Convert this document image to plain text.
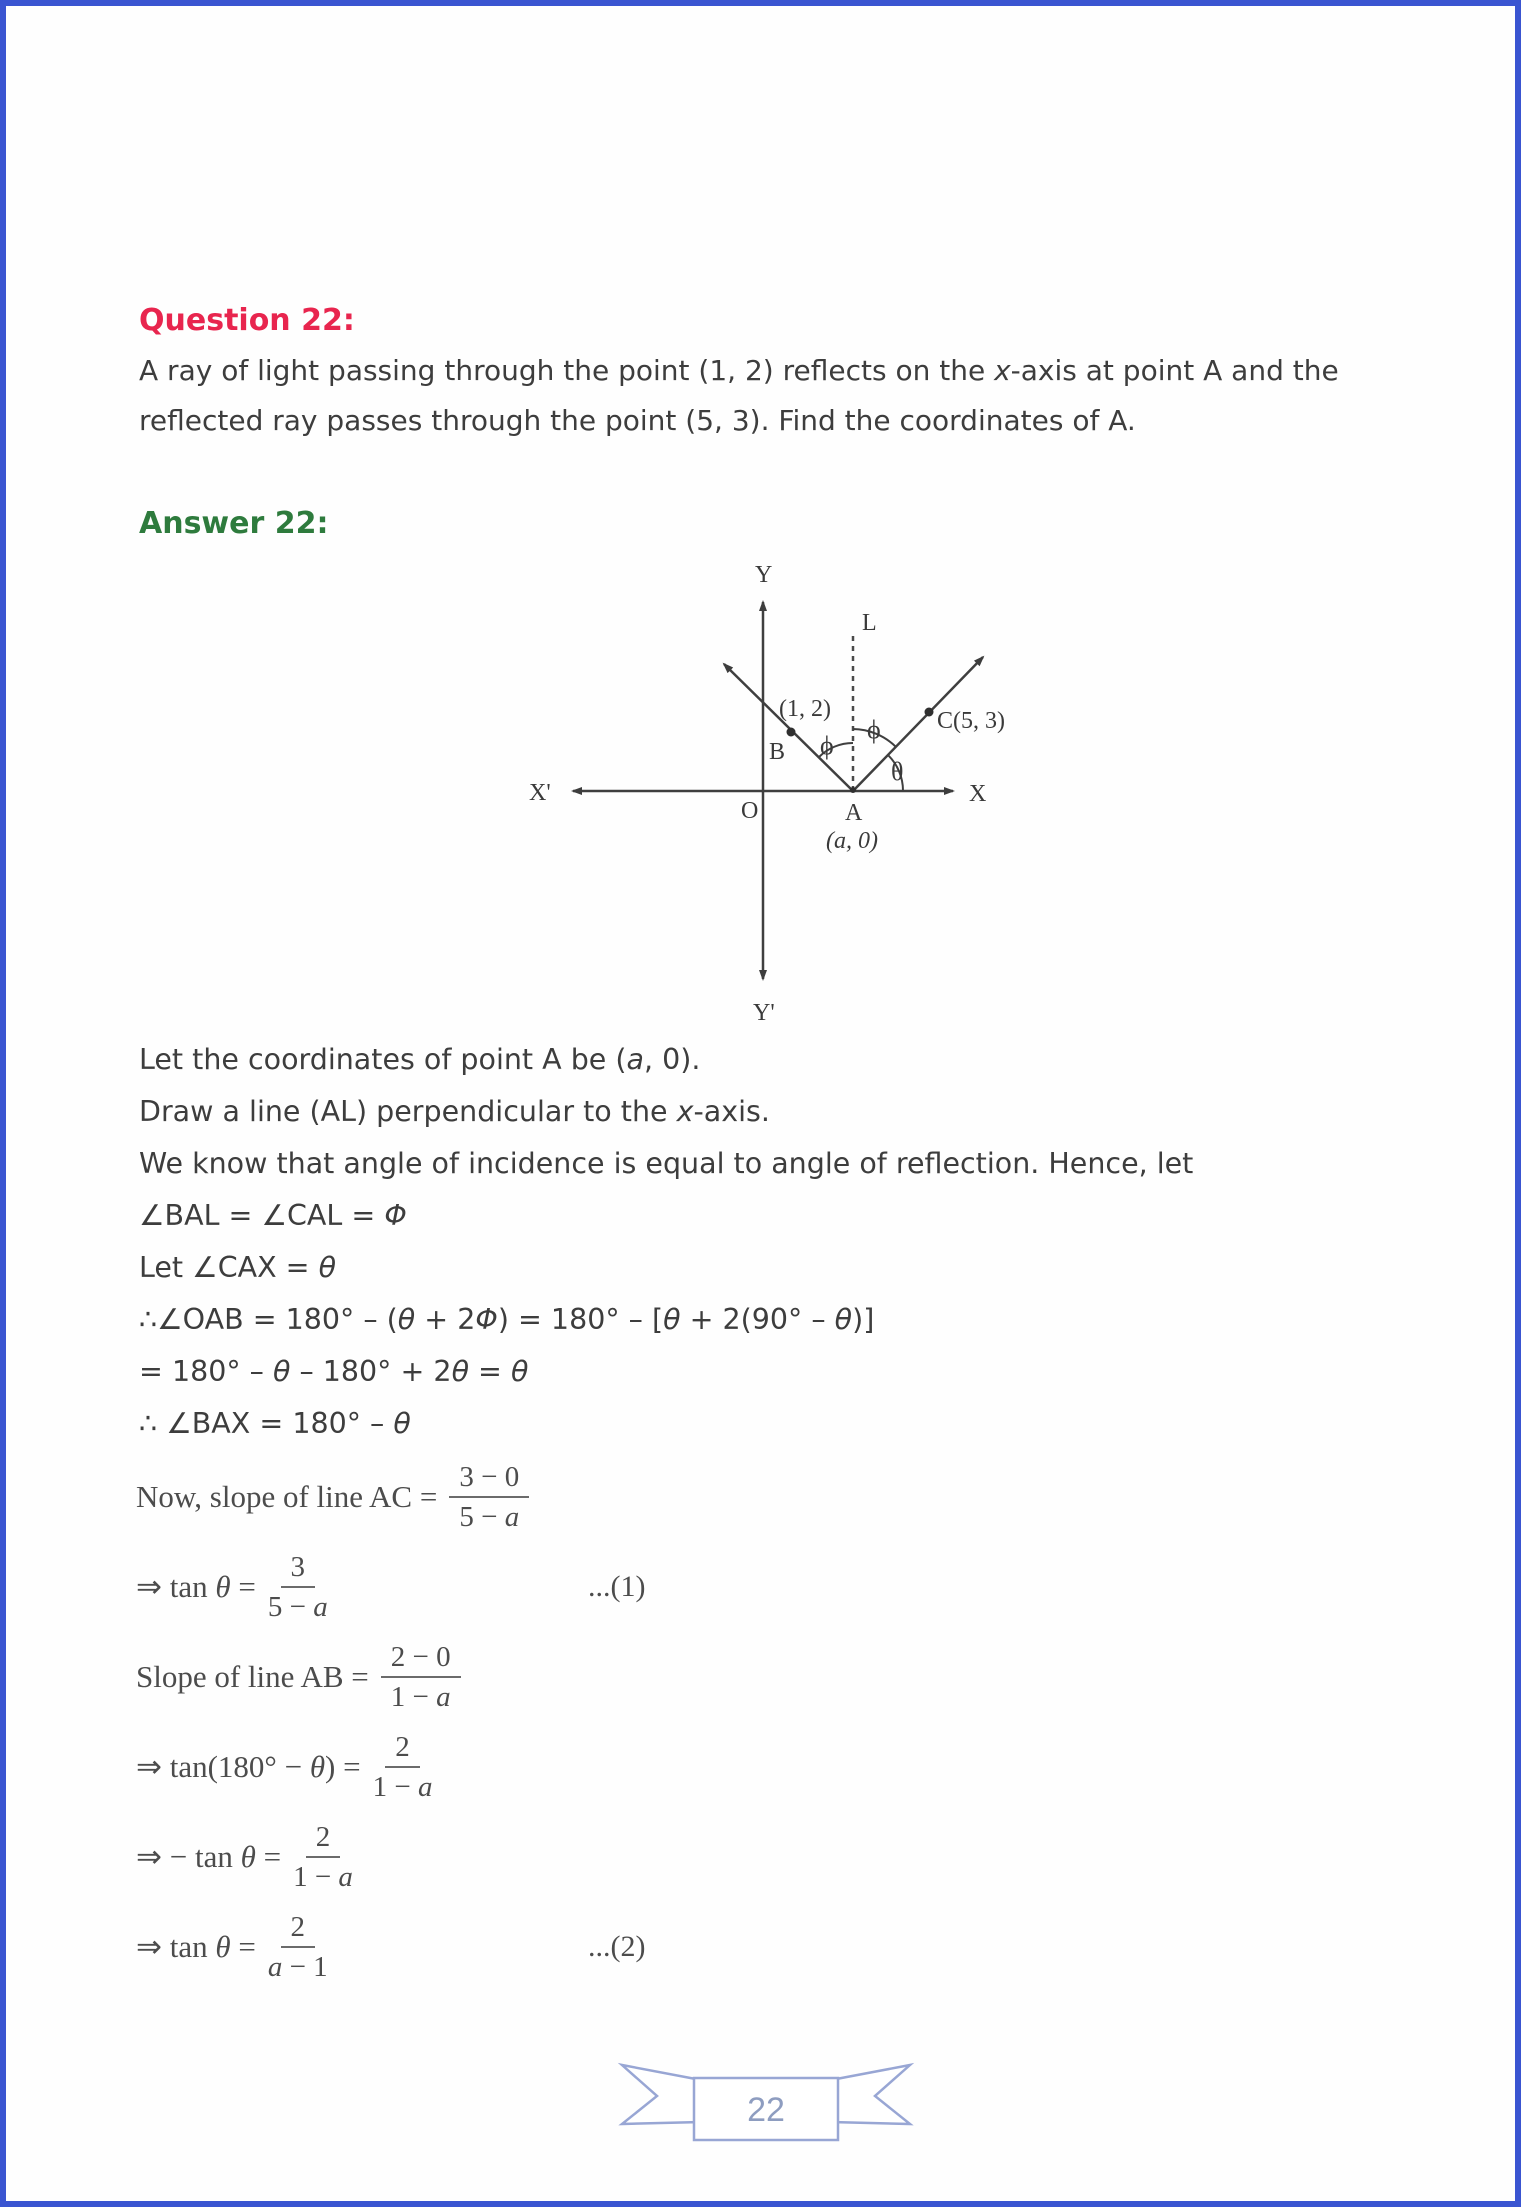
Question 22:
A ray of light passing through the point (1, 2) reflects on the x-axis at point A and the
reflected ray passes through the point (5, 3). Find the coordinates of A.
Answer 22:
Y
Y'
X'	X
O
L
A
(a, 0)
B
(1, 2)	C(5, 3)
ϕ
ϕ
θ
Let the coordinates of point A be (a, 0).
Draw a line (AL) perpendicular to the x-axis.
We know that angle of incidence is equal to angle of reflection. Hence, let
∠BAL = ∠CAL = Φ
Let ∠CAX = θ
∴∠OAB = 180° – (θ + 2Φ) = 180° – [θ + 2(90° – θ)]
= 180° – θ – 180° + 2θ = θ
∴ ∠BAX = 180° – θ
Now, slope of line AC = $\frac{3 - 0}{5 - a}$
⇒ $\tan \theta = \frac{3}{5 - a}$	...(1)
Slope of line AB = $\frac{2 - 0}{1 - a}$
⇒ $\tan(180^\circ - \theta) = \frac{2}{1 - a}$
⇒ − $\tan \theta = \frac{2}{1 - a}$
⇒ $\tan \theta = \frac{2}{a - 1}$	...(2)
22
